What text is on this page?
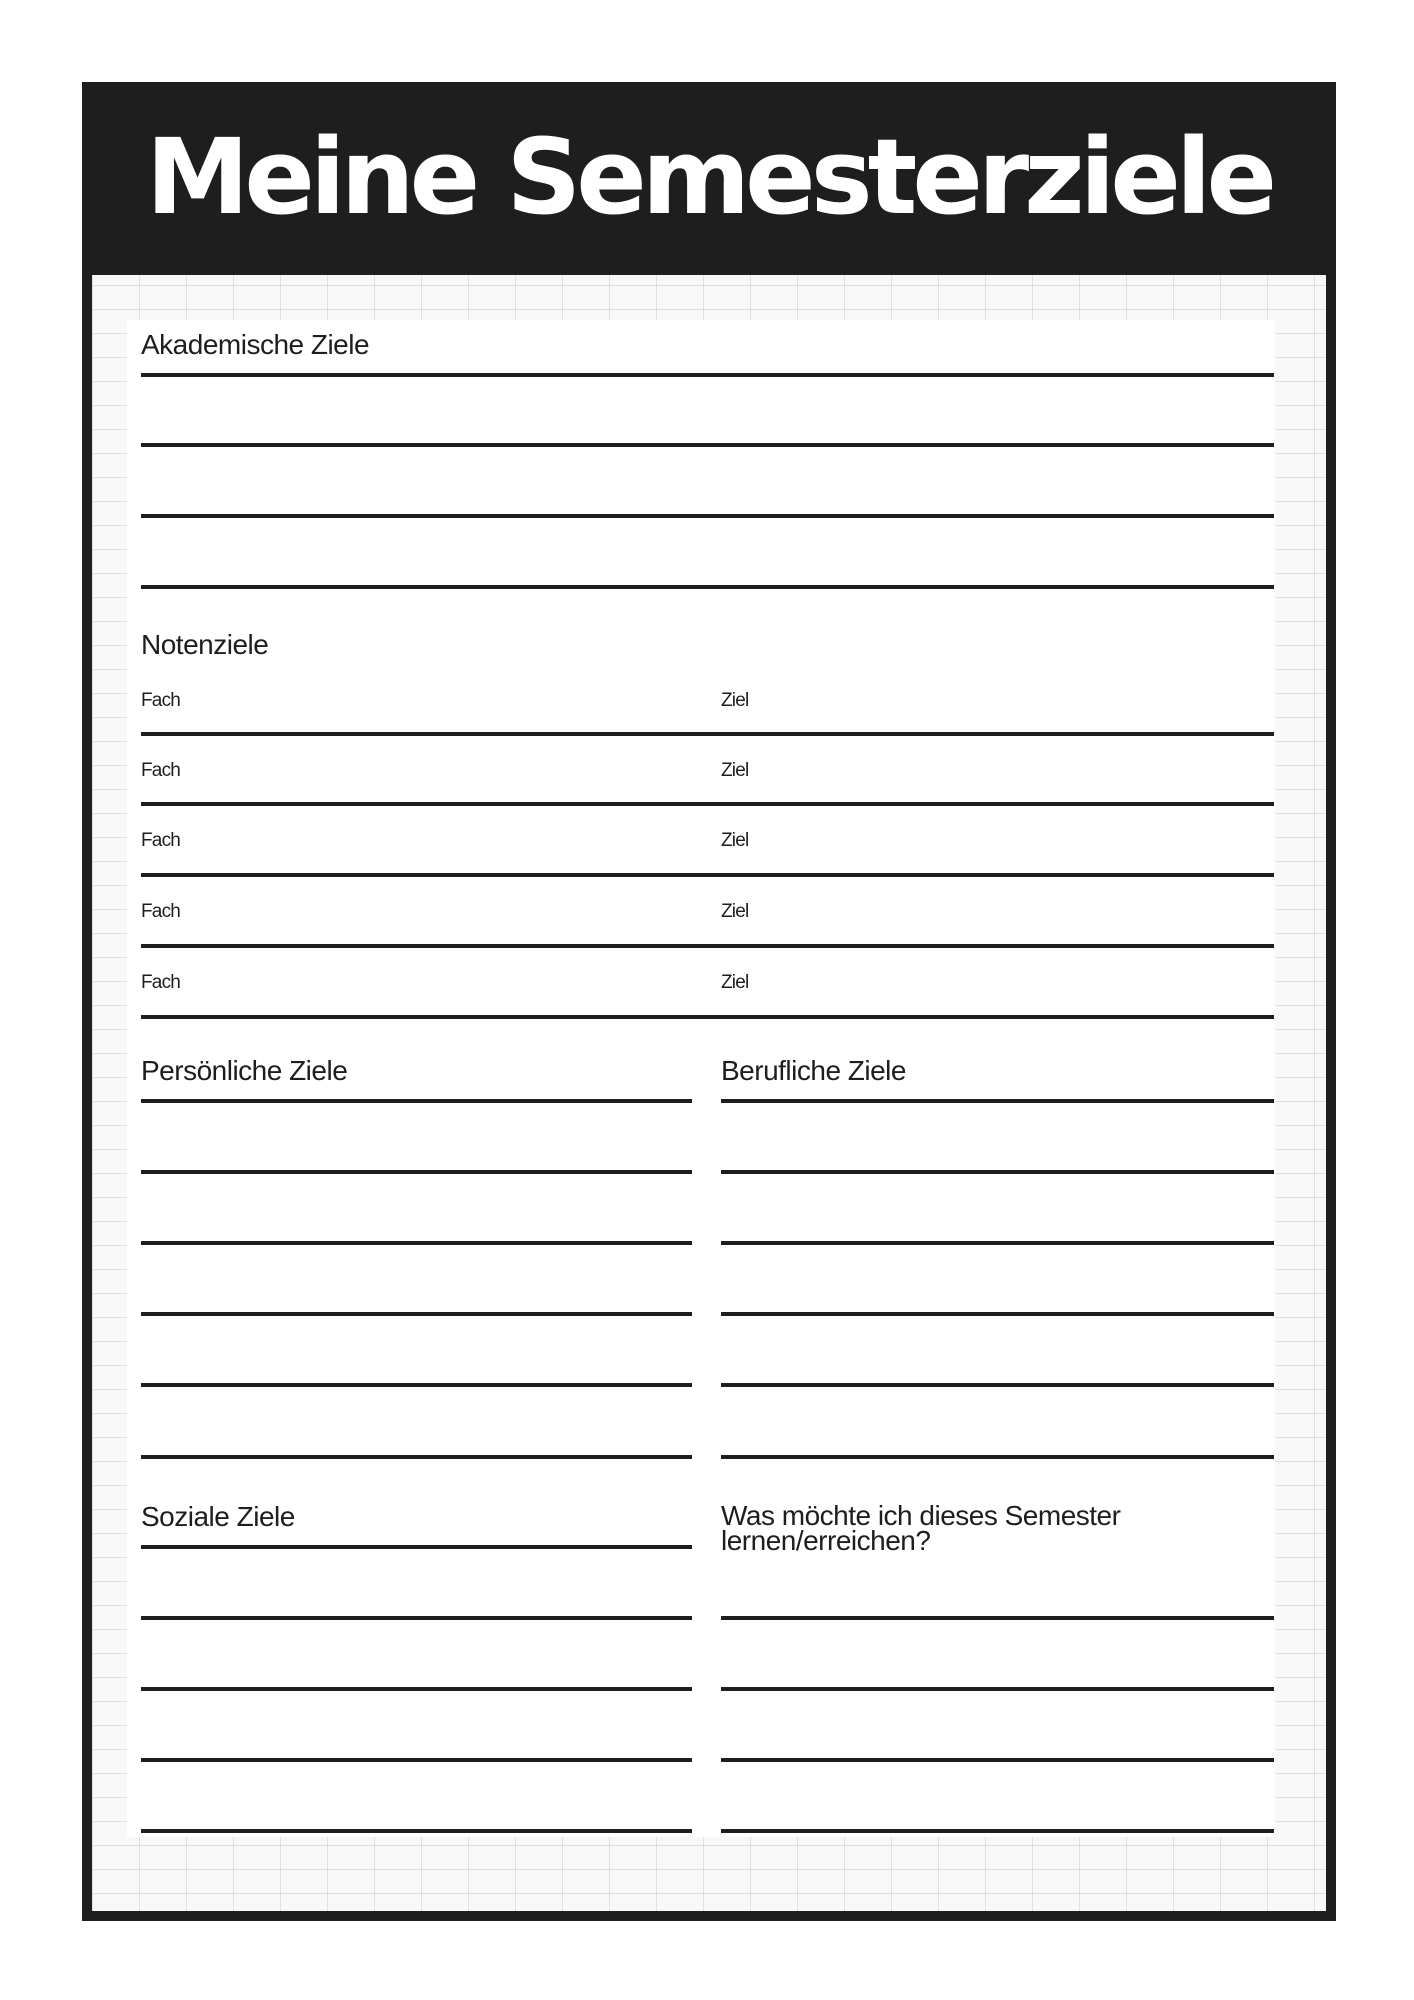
Meine Semesterziele
Akademische Ziele
Notenziele
Fach	Ziel
Fach	Ziel
Fach	Ziel
Fach	Ziel
Fach	Ziel
Persönliche Ziele	Berufliche Ziele
Soziale Ziele	Was möchte ich dieses Semester lernen/erreichen?
